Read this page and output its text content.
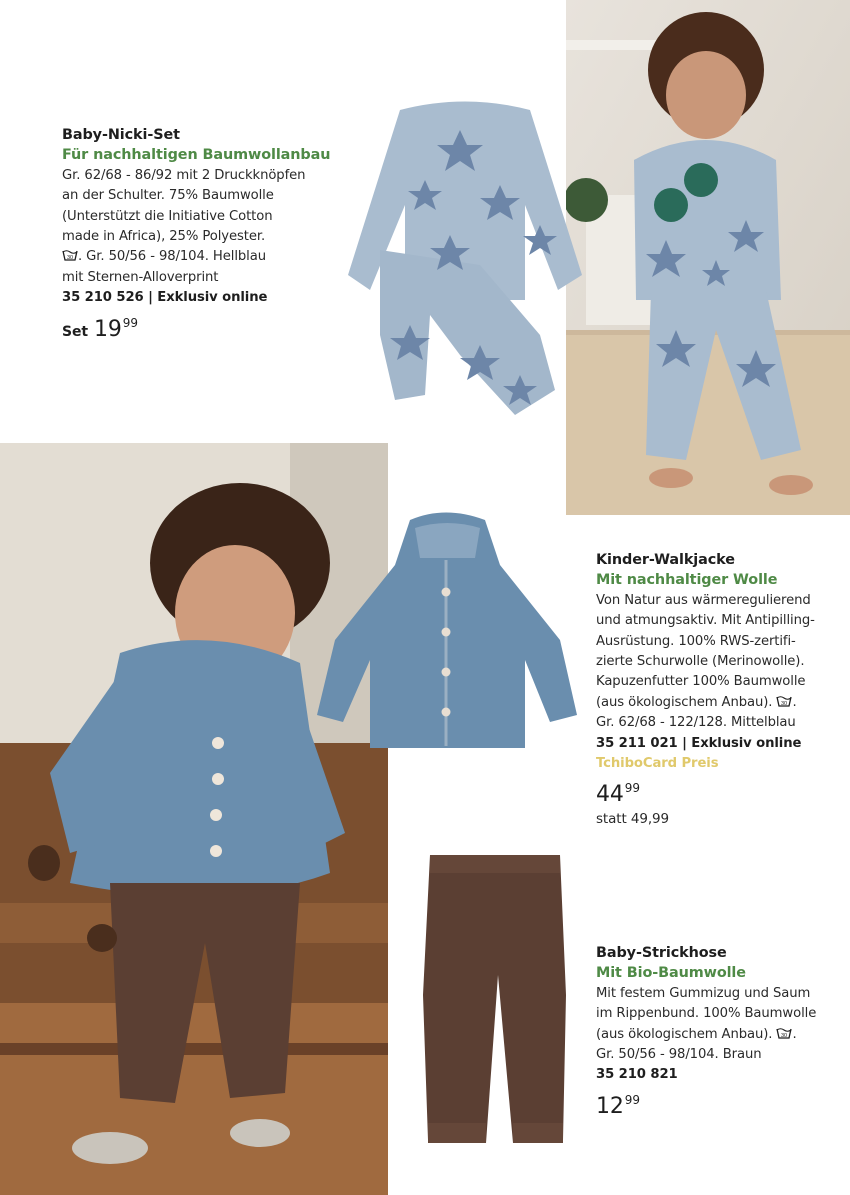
Baby-Nicki-Set
Für nachhaltigen Baumwollanbau
Gr. 62/68 - 86/92 mit 2 Druckknöpfen
an der Schulter. 75% Baumwolle
(Unterstützt die Initiative Cotton
made in Africa), 25% Polyester.
30 . Gr. 50/56 - 98/104. Hellblau
mit Sternen-Alloverprint
35 210 526 | Exklusiv online
Set 1999
Kinder-Walkjacke
Mit nachhaltiger Wolle
Von Natur aus wärmeregulierend
und atmungsaktiv. Mit Antipilling-
Ausrüstung. 100% RWS-zertifi-
zierte Schurwolle (Merinowolle).
Kapuzenfutter 100% Baumwolle
(aus ökologischem Anbau). 30 .
Gr. 62/68 - 122/128. Mittelblau
35 211 021 | Exklusiv online
TchiboCard Preis
4499
statt 49,99
Baby-Strickhose
Mit Bio-Baumwolle
Mit festem Gummizug und Saum
im Rippenbund. 100% Baumwolle
(aus ökologischem Anbau). 30 .
Gr. 50/56 - 98/104. Braun
35 210 821
1299
